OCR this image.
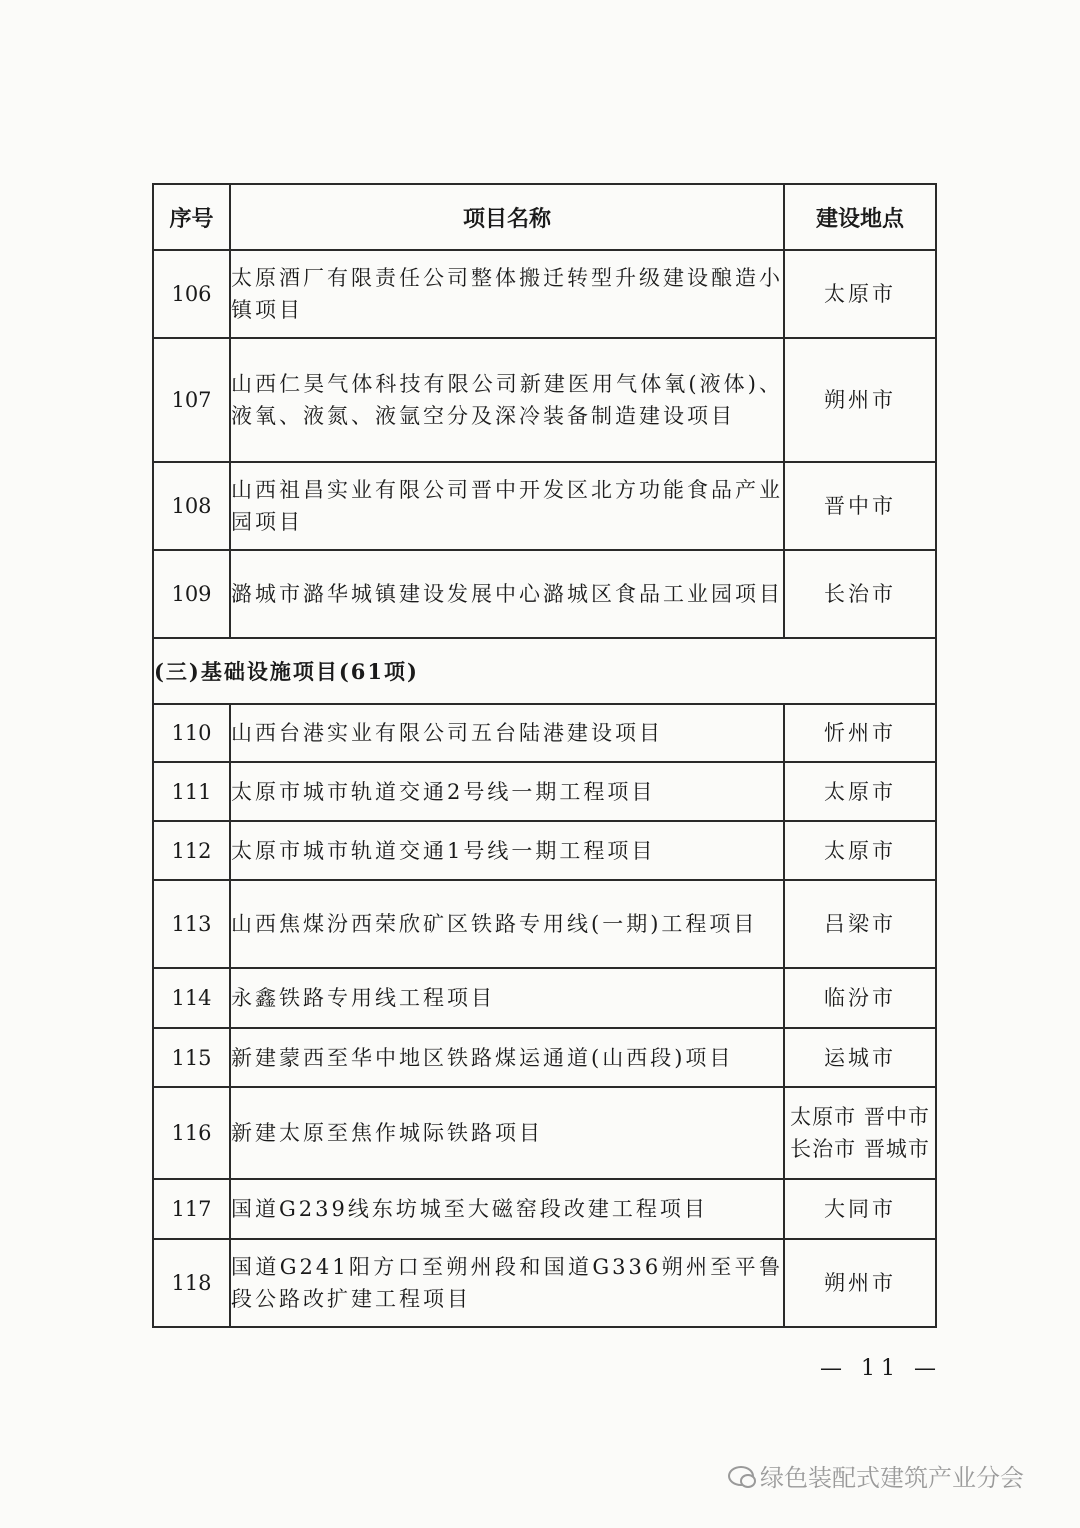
序号	项目名称	建设地点
106	太原酒厂有限责任公司整体搬迁转型升级建设酿造小镇项目	太原市
107	山西仁昊气体科技有限公司新建医用气体氧(液体)、液氧、液氮、液氩空分及深冷装备制造建设项目	朔州市
108	山西祖昌实业有限公司晋中开发区北方功能食品产业园项目	晋中市
109	潞城市潞华城镇建设发展中心潞城区食品工业园项目	长治市
(三)基础设施项目(61项)		
110	山西台港实业有限公司五台陆港建设项目	忻州市
111	太原市城市轨道交通2号线一期工程项目	太原市
112	太原市城市轨道交通1号线一期工程项目	太原市
113	山西焦煤汾西荣欣矿区铁路专用线(一期)工程项目	吕梁市
114	永鑫铁路专用线工程项目	临汾市
115	新建蒙西至华中地区铁路煤运通道(山西段)项目	运城市
116	新建太原至焦作城际铁路项目	太原市 晋中市
长治市 晋城市

117	国道G239线东坊城至大磁窑段改建工程项目	大同市
118	国道G241阳方口至朔州段和国道G336朔州至平鲁段公路改扩建工程项目	朔州市
— 11 —
绿色装配式建筑产业分会
